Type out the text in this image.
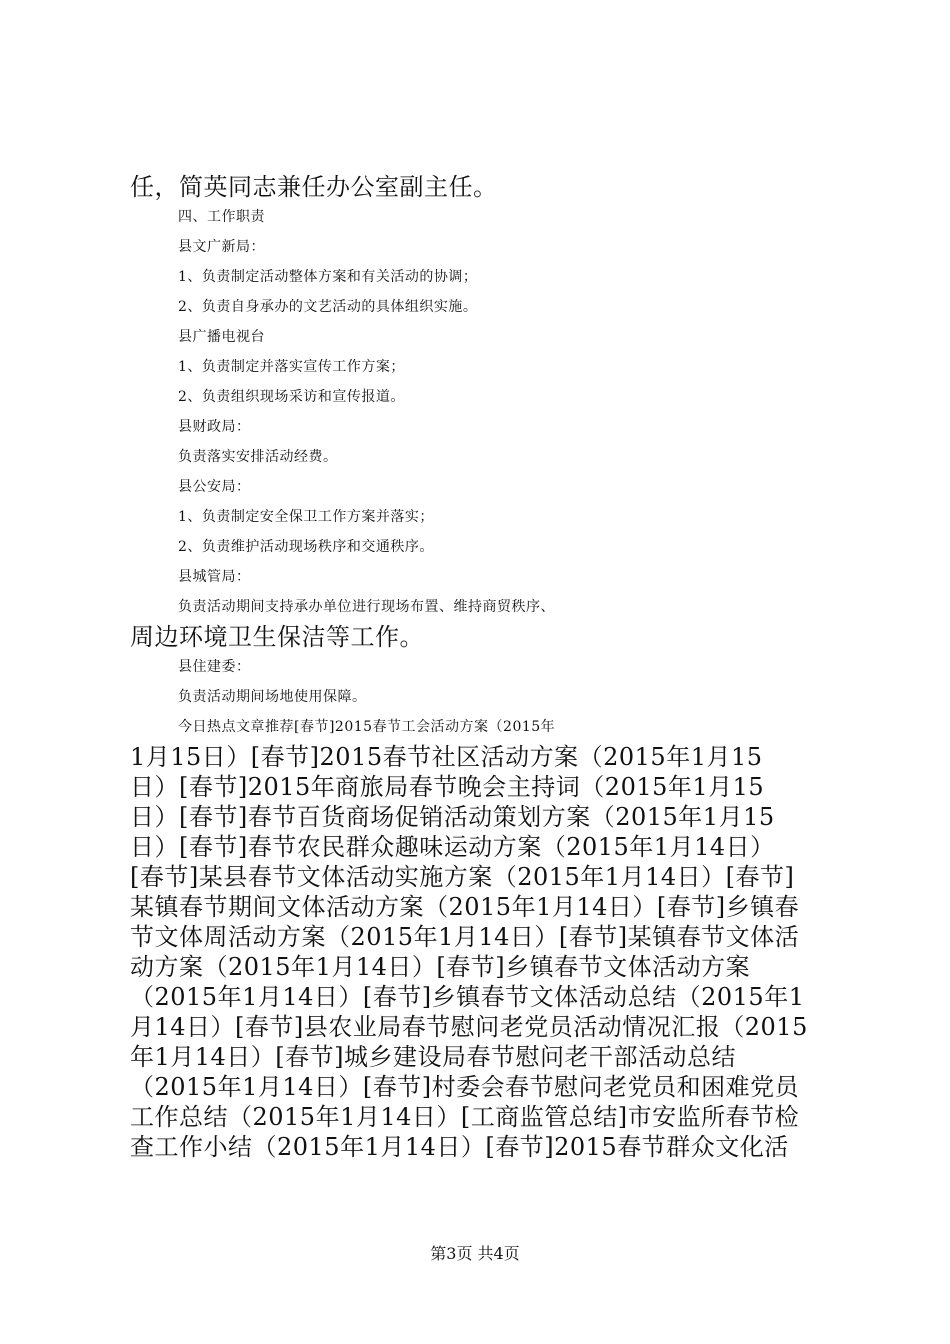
任，简英同志兼任办公室副主任。
四、工作职责
县文广新局：
1、负责制定活动整体方案和有关活动的协调；
2、负责自身承办的文艺活动的具体组织实施。
县广播电视台
1、负责制定并落实宣传工作方案；
2、负责组织现场采访和宣传报道。
县财政局：
负责落实安排活动经费。
县公安局：
1、负责制定安全保卫工作方案并落实；
2、负责维护活动现场秩序和交通秩序。
县城管局：
负责活动期间支持承办单位进行现场布置、维持商贸秩序、
周边环境卫生保洁等工作。
县住建委：
负责活动期间场地使用保障。
今日热点文章推荐[春节]2015春节工会活动方案（2015年
1月15日）[春节]2015春节社区活动方案（2015年1月15
日）[春节]2015年商旅局春节晚会主持词（2015年1月15
日）[春节]春节百货商场促销活动策划方案（2015年1月15
日）[春节]春节农民群众趣味运动方案（2015年1月14日）
[春节]某县春节文体活动实施方案（2015年1月14日）[春节]
某镇春节期间文体活动方案（2015年1月14日）[春节]乡镇春
节文体周活动方案（2015年1月14日）[春节]某镇春节文体活
动方案（2015年1月14日）[春节]乡镇春节文体活动方案
（2015年1月14日）[春节]乡镇春节文体活动总结（2015年1
月14日）[春节]县农业局春节慰问老党员活动情况汇报（2015
年1月14日）[春节]城乡建设局春节慰问老干部活动总结
（2015年1月14日）[春节]村委会春节慰问老党员和困难党员
工作总结（2015年1月14日）[工商监管总结]市安监所春节检
查工作小结（2015年1月14日）[春节]2015春节群众文化活
第3页 共4页
